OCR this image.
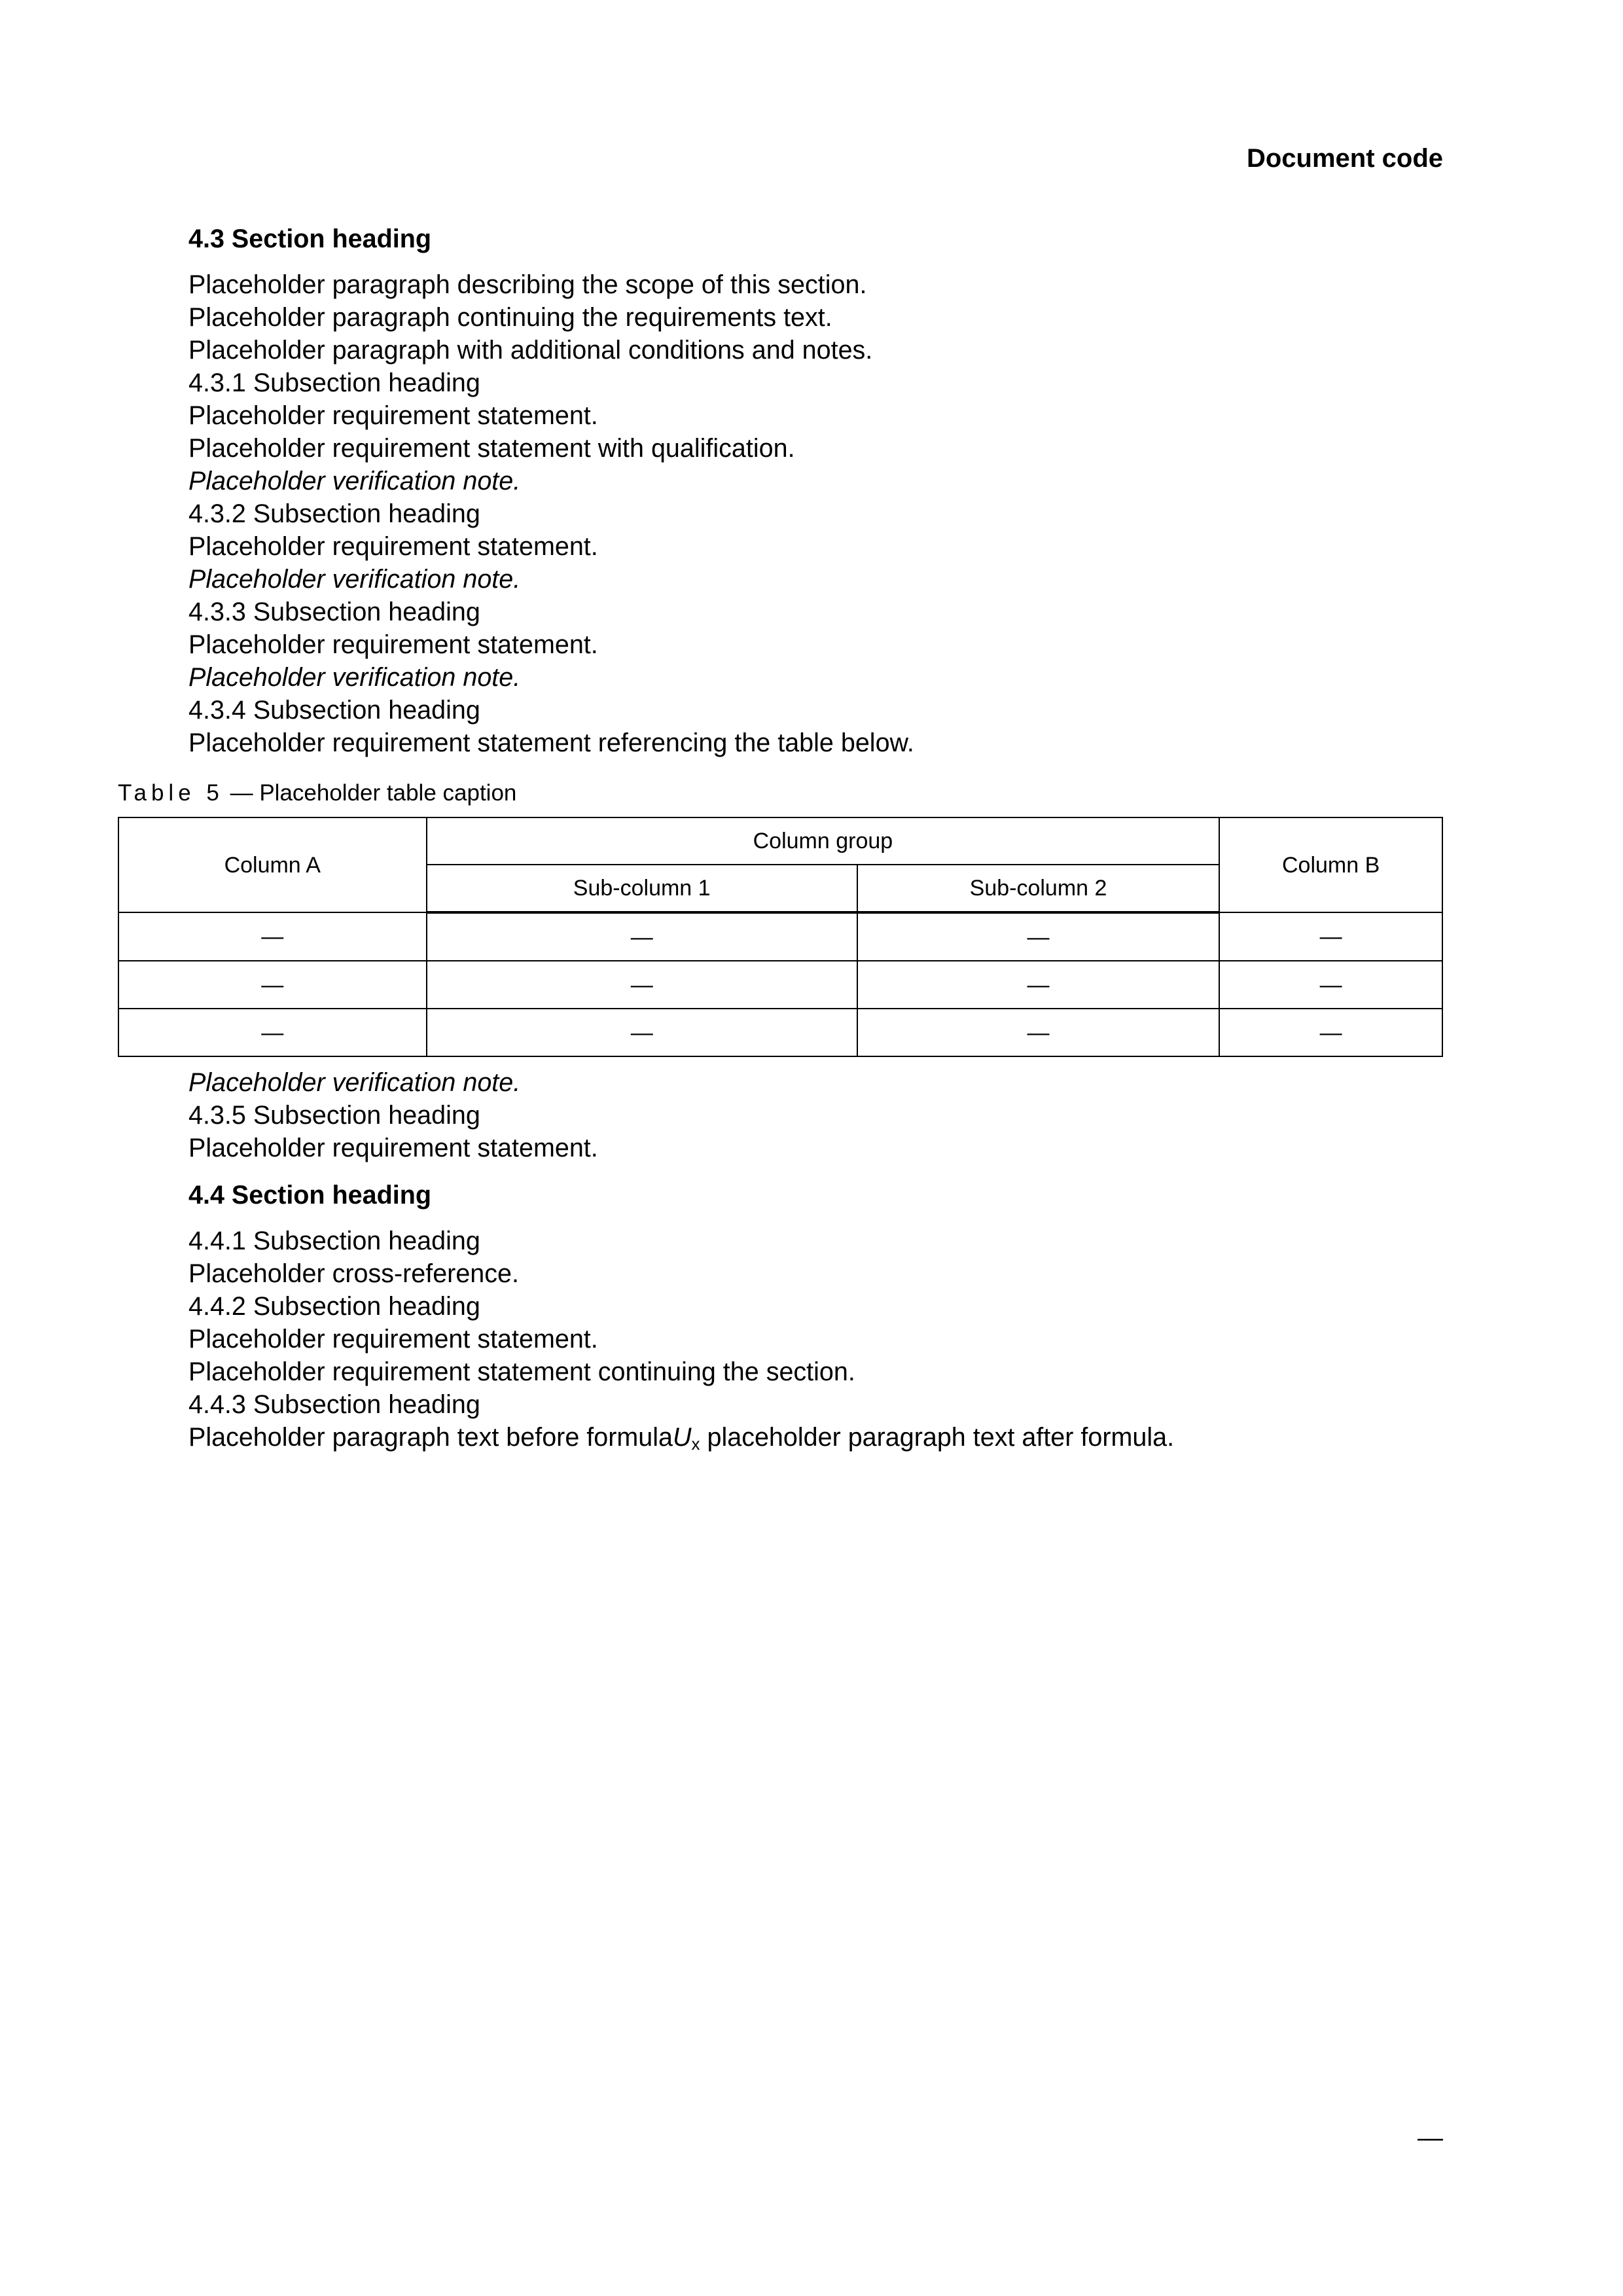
Document code

4.3 Section heading

Placeholder paragraph describing the scope of this section.

Placeholder paragraph continuing the requirements text.

Placeholder paragraph with additional conditions and notes.

4.3.1 Subsection heading

Placeholder requirement statement.

Placeholder requirement statement with qualification.

Placeholder verification note.

4.3.2 Subsection heading

Placeholder requirement statement.

Placeholder verification note.

4.3.3 Subsection heading

Placeholder requirement statement.

Placeholder verification note.

4.3.4 Subsection heading

Placeholder requirement statement referencing the table below.

Table 5 — Placeholder table caption

Column A	Column group		Column B
	Sub-column 1	Sub-column 2	
—	—	—	—
—	—	—	—
—	—	—	—

Placeholder verification note.

4.3.5 Subsection heading

Placeholder requirement statement.

4.4 Section heading

4.4.1 Subsection heading

Placeholder cross-reference.

4.4.2 Subsection heading

Placeholder requirement statement.

Placeholder requirement statement continuing the section.

4.4.3 Subsection heading

Placeholder paragraph text before formulaU$_x$ placeholder paragraph text after formula.

—
